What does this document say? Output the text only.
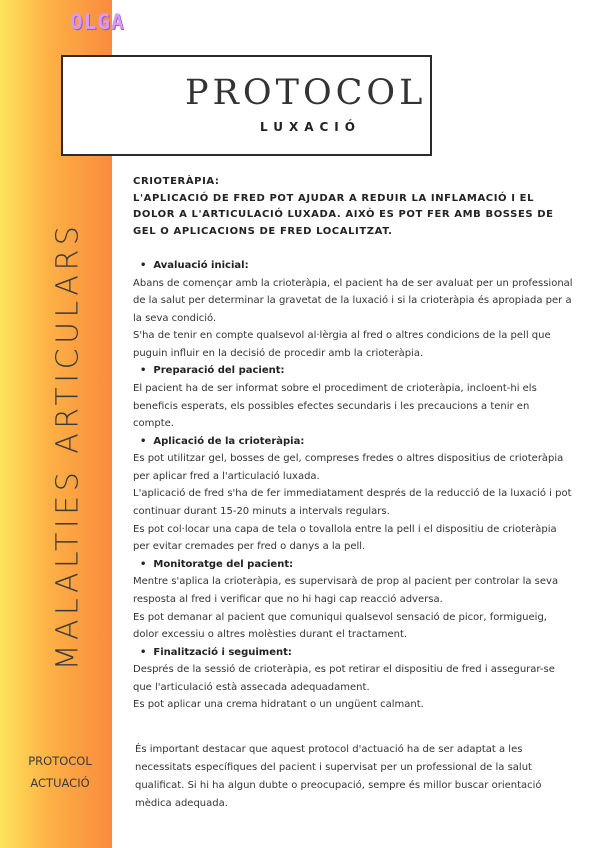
OLGA
MALALTIES ARTICULARS
PROTOCOL
ACTUACIÓ
PROTOCOL
LUXACIÓ
CRIOTERÀPIA:
L'APLICACIÓ DE FRED POT AJUDAR A REDUIR LA INFLAMACIÓ I EL DOLOR A L'ARTICULACIÓ LUXADA. AIXÒ ES POT FER AMB BOSSES DE GEL O APLICACIONS DE FRED LOCALITZAT.
• Avaluació inicial:

Abans de començar amb la crioteràpia, el pacient ha de ser avaluat per un professional de la salut per determinar la gravetat de la luxació i si la crioteràpia és apropiada per a la seva condició.

S'ha de tenir en compte qualsevol al·lèrgia al fred o altres condicions de la pell que puguin influir en la decisió de procedir amb la crioteràpia.

• Preparació del pacient:

El pacient ha de ser informat sobre el procediment de crioteràpia, incloent-hi els beneficis esperats, els possibles efectes secundaris i les precaucions a tenir en compte.

• Aplicació de la crioteràpia:

Es pot utilitzar gel, bosses de gel, compreses fredes o altres dispositius de crioteràpia per aplicar fred a l'articulació luxada.

L'aplicació de fred s'ha de fer immediatament després de la reducció de la luxació i pot continuar durant 15-20 minuts a intervals regulars.

Es pot col·locar una capa de tela o tovallola entre la pell i el dispositiu de crioteràpia per evitar cremades per fred o danys a la pell.

• Monitoratge del pacient:

Mentre s'aplica la crioteràpia, es supervisarà de prop al pacient per controlar la seva resposta al fred i verificar que no hi hagi cap reacció adversa.

Es pot demanar al pacient que comuniqui qualsevol sensació de picor, formigueig, dolor excessiu o altres molèsties durant el tractament.

• Finalització i seguiment:

Després de la sessió de crioteràpia, es pot retirar el dispositiu de fred i assegurar-se que l'articulació està assecada adequadament.

Es pot aplicar una crema hidratant o un ungüent calmant.

És important destacar que aquest protocol d'actuació ha de ser adaptat a les necessitats específiques del pacient i supervisat per un professional de la salut qualificat. Si hi ha algun dubte o preocupació, sempre és millor buscar orientació mèdica adequada.
